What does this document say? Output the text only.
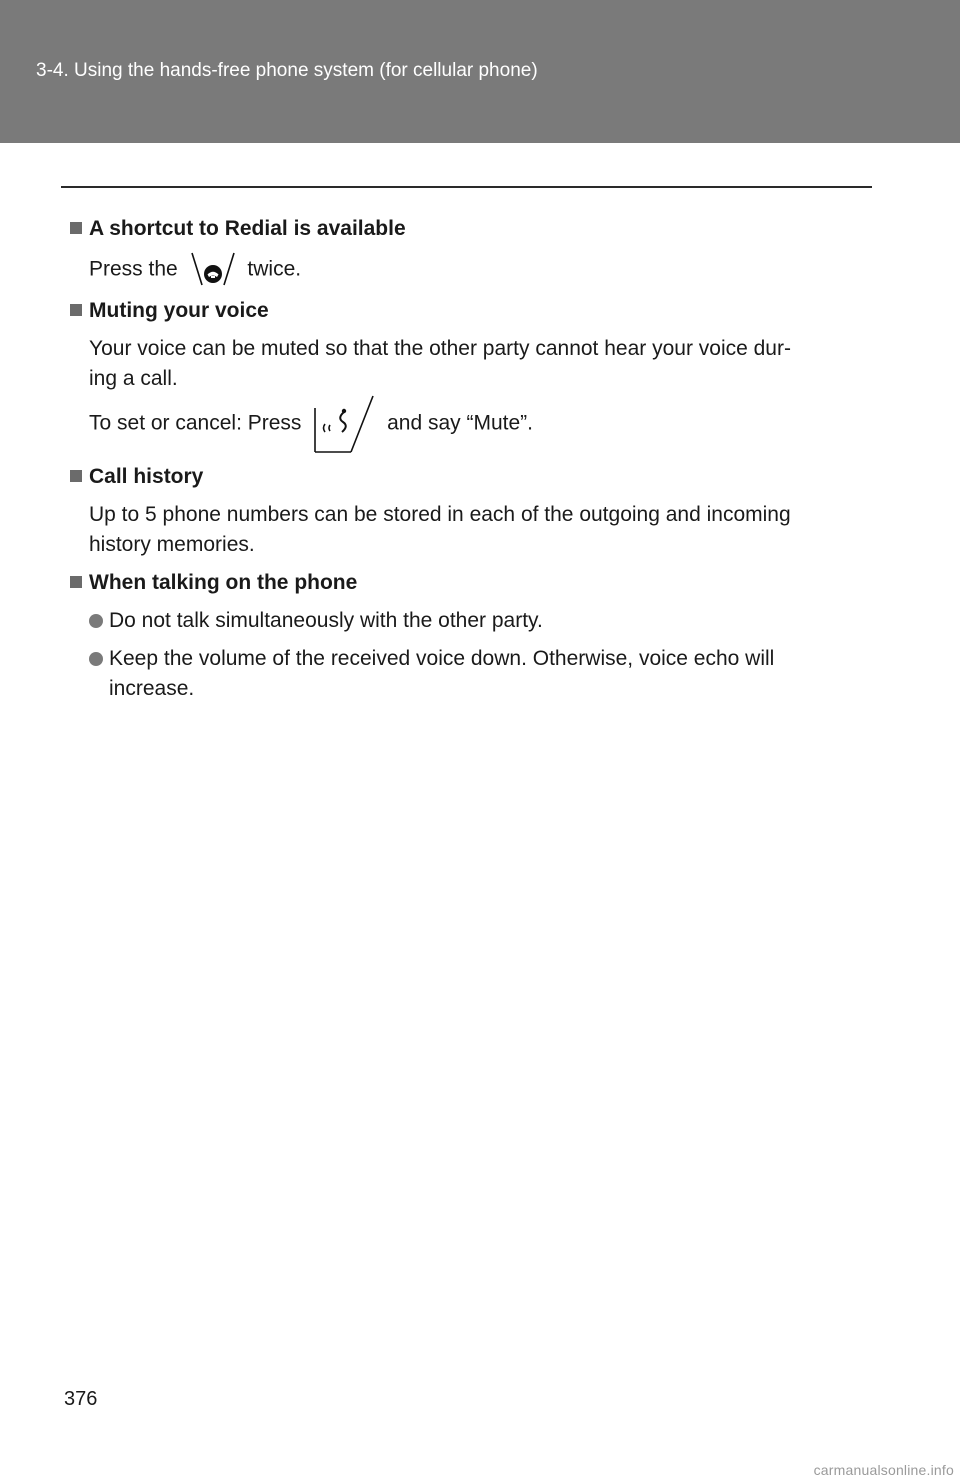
3-4. Using the hands-free phone system (for cellular phone)
A shortcut to Redial is available
Press the	twice.
Muting your voice
Your voice can be muted so that the other party cannot hear your voice dur-
ing a call.
To set or cancel: Press	and say “Mute”.
Call history
Up to 5 phone numbers can be stored in each of the outgoing and incoming
history memories.
When talking on the phone
Do not talk simultaneously with the other party.
Keep the volume of the received voice down. Otherwise, voice echo will
increase.
376
carmanualsonline.info
